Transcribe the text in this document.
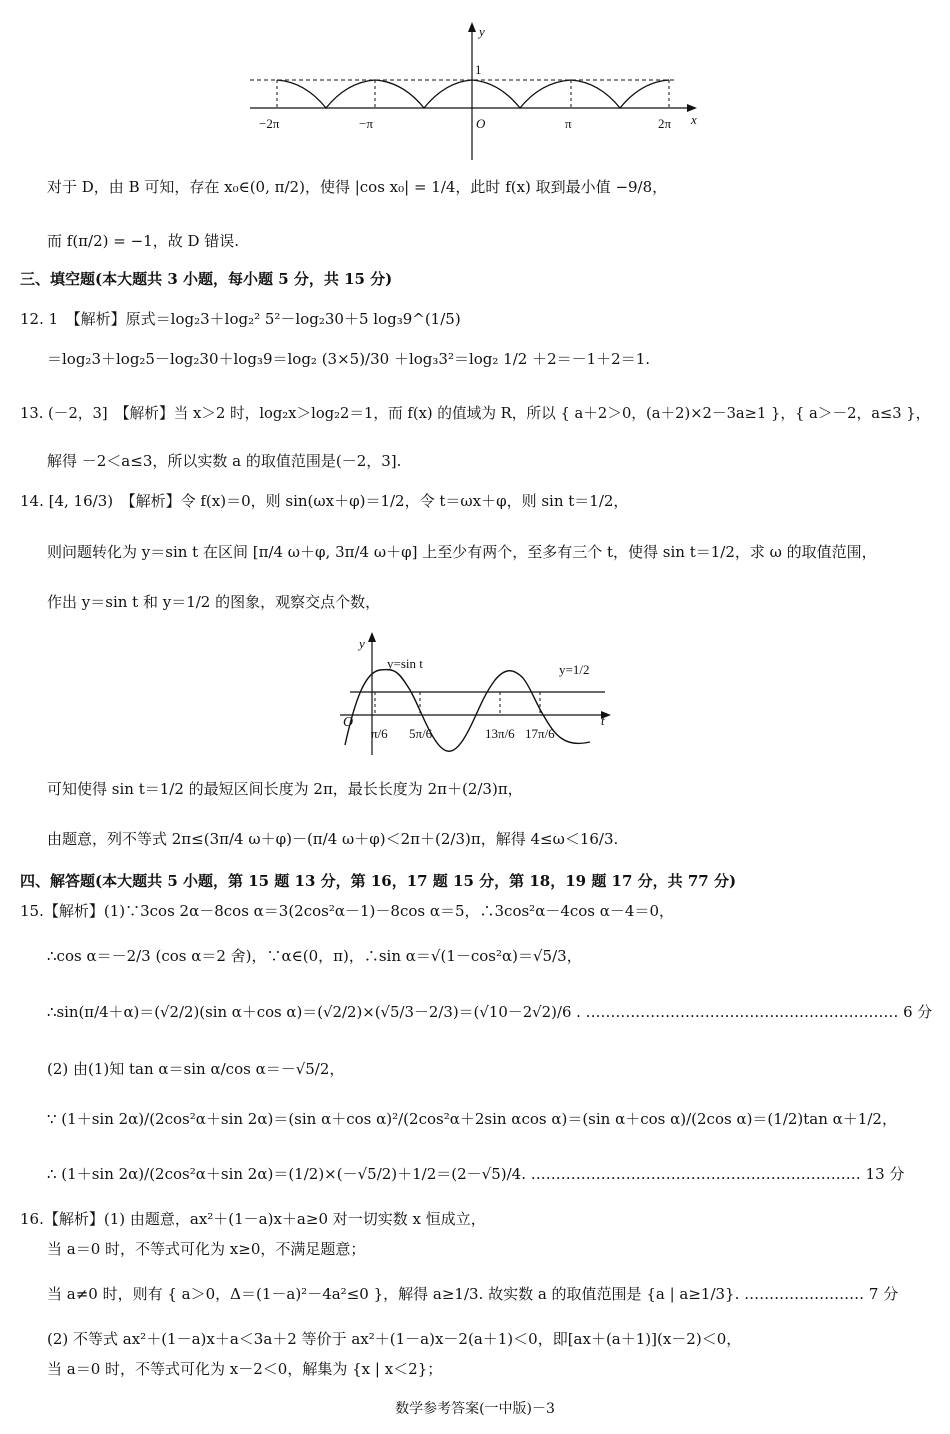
y
x
1
O
−2π	−π	π	2π
对于 D，由 B 可知，存在 x₀∈(0, π/2)，使得 |cos x₀| = 1/4，此时 f(x) 取到最小值 −9/8，
而 f(π/2) = −1，故 D 错误.
三、填空题(本大题共 3 小题，每小题 5 分，共 15 分)
12. 1　【解析】原式＝log₂3＋log₂² 5²－log₂30＋5 log₃9^(1/5)
＝log₂3＋log₂5－log₂30＋log₃9＝log₂ (3×5)/30 ＋log₃3²＝log₂ 1/2 ＋2＝－1＋2＝1.
13. (－2，3]　【解析】当 x＞2 时，log₂x＞log₂2＝1，而 f(x) 的值域为 R，所以 { a＋2＞0，(a＋2)×2－3a≥1 }，{ a＞－2，a≤3 }，
解得 －2＜a≤3，所以实数 a 的取值范围是(－2，3].
14. [4, 16/3)　【解析】令 f(x)＝0，则 sin(ωx＋φ)＝1/2，令 t＝ωx＋φ，则 sin t＝1/2，
则问题转化为 y＝sin t 在区间 [π/4 ω＋φ, 3π/4 ω＋φ] 上至少有两个，至多有三个 t，使得 sin t＝1/2，求 ω 的取值范围，
作出 y＝sin t 和 y＝1/2 的图象，观察交点个数，
可知使得 sin t＝1/2 的最短区间长度为 2π，最长长度为 2π＋(2/3)π，
由题意，列不等式 2π≤(3π/4 ω＋φ)－(π/4 ω＋φ)＜2π＋(2/3)π，解得 4≤ω＜16/3.
四、解答题(本大题共 5 小题，第 15 题 13 分，第 16，17 题 15 分，第 18，19 题 17 分，共 77 分)
15.【解析】(1)∵3cos 2α－8cos α＝3(2cos²α－1)－8cos α＝5，∴3cos²α－4cos α－4＝0，
∴cos α＝－2/3 (cos α＝2 舍)，∵α∈(0，π)，∴sin α＝√(1－cos²α)＝√5/3，
∴sin(π/4＋α)＝(√2/2)(sin α＋cos α)＝(√2/2)×(√5/3－2/3)＝(√10－2√2)/6 . ……………………………………………………… 6 分
(2) 由(1)知 tan α＝sin α/cos α＝－√5/2，
∵ (1＋sin 2α)/(2cos²α＋sin 2α)＝(sin α＋cos α)²/(2cos²α＋2sin αcos α)＝(sin α＋cos α)/(2cos α)＝(1/2)tan α＋1/2，
∴ (1＋sin 2α)/(2cos²α＋sin 2α)＝(1/2)×(－√5/2)＋1/2＝(2－√5)/4. ………………………………………………………… 13 分
16.【解析】(1) 由题意，ax²＋(1－a)x＋a≥0 对一切实数 x 恒成立，
当 a＝0 时，不等式可化为 x≥0，不满足题意；
当 a≠0 时，则有 { a＞0，Δ＝(1－a)²－4a²≤0 }，解得 a≥1/3. 故实数 a 的取值范围是 {a | a≥1/3}. …………………… 7 分
(2) 不等式 ax²＋(1－a)x＋a＜3a＋2 等价于 ax²＋(1－a)x－2(a＋1)＜0，即[ax＋(a＋1)](x－2)＜0，
当 a＝0 时，不等式可化为 x－2＜0，解集为 {x | x＜2}；
y
t
O
y=sin t	y=1/2
π/6 5π/6	13π/6 17π/6
数学参考答案(一中版)－3
